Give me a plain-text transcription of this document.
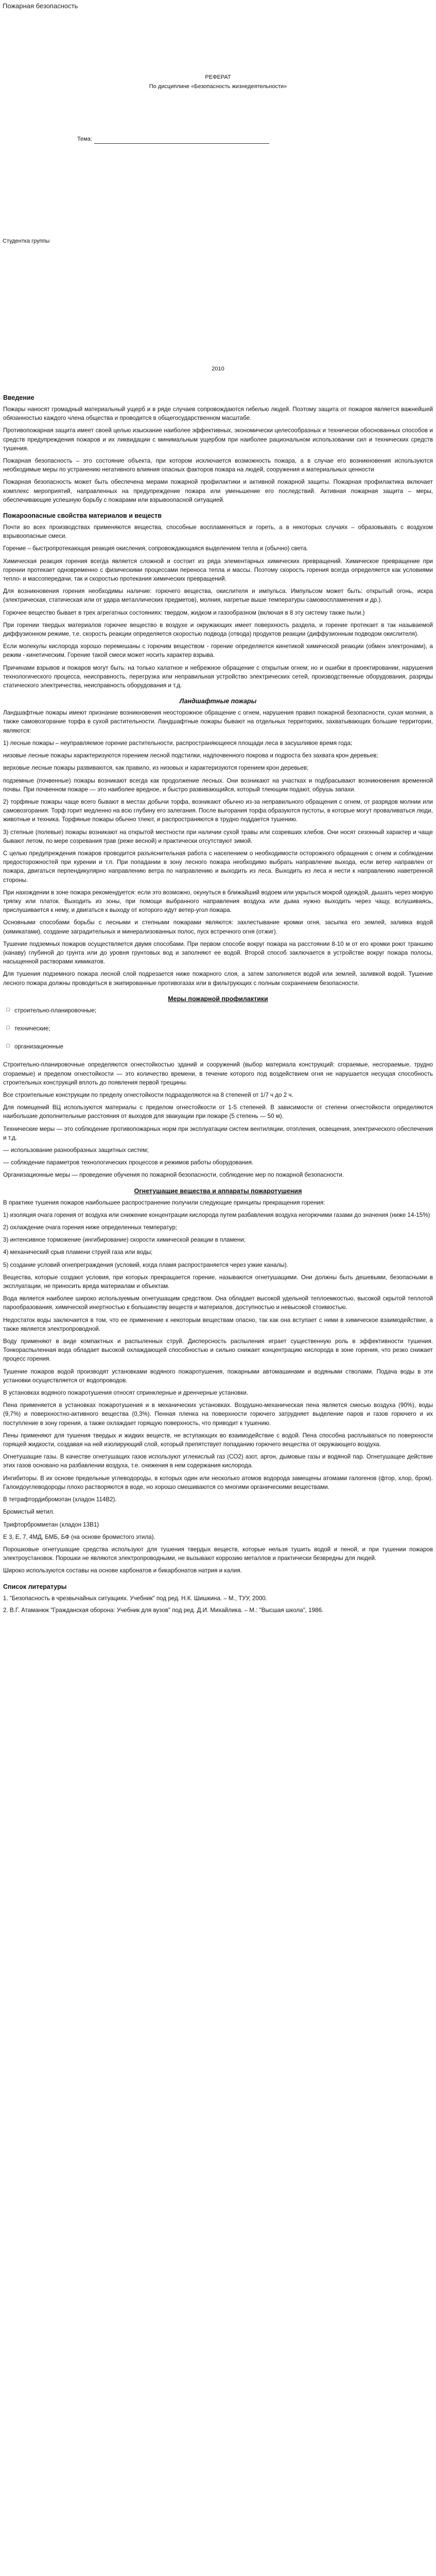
Пожарная безопасность
РЕФЕРАТ
По дисциплине «Безопасность жизнедеятельности»
Тема:
Студентка группы
2010
Введение

Пожары наносят громадный материальный ущерб и в ряде случаев сопровождаются гибелью людей. Поэтому защита от пожаров является важнейшей обязанностью каждого члена общества и проводится в общегосударственном масштабе.

Противопожарная защита имеет своей целью изыскание наиболее эффективных, экономически целесообразных и технически обоснованных способов и средств предупреждения пожаров и их ликвидации с минимальным ущербом при наиболее рациональном использовании сил и технических средств тушения.

Пожарная безопасность – это состояние объекта, при котором исключается возможность пожара, а в случае его возникновения используются необходимые меры по устранению негативного влияния опасных факторов пожара на людей, сооружения и материальных ценности

Пожарная безопасность может быть обеспечена мерами пожарной профилактики и активной пожарной защиты. Пожарная профилактика включает комплекс мероприятий, направленных на предупреждение пожара или уменьшение его последствий. Активная пожарная защита – меры, обеспечивающие успешную борьбу с пожарами или взрывоопасной ситуацией.

Пожароопасные свойства материалов и веществ

Почти во всех производствах применяются вещества, способные воспламеняться и гореть, а в некоторых случаях – образовывать с воздухом взрывоопасные смеси.

Горение – быстропротекающая реакция окисления, сопровождающаяся выделением тепла и (обычно) света.

Химическая реакция горения всегда является сложной и состоит из ряда элементарных химических превращений. Химическое превращение при горении протекает одновременно с физическими процессами переноса тепла и массы. Поэтому скорость горения всегда определяется как условиями тепло- и массопередачи, так и скоростью протекания химических превращений.

Для возникновения горения необходимы наличие: горючего вещества, окислителя и импульса. Импульсом может быть: открытый огонь, искра (электрическая, статическая или от удара металлических предметов), молния, нагретые выше температуры самовоспламенения и др.).

Горючее вещество бывает в трех агрегатных состояниях: твердом, жидком и газообразном (включая в 8 эту систему также пыли.)

При горении твердых материалов горючее вещество в воздухе и окружающих имеет поверхность раздела, и горение протекает в так называемой диффузионном режиме, т.е. скорость реакции определяется скоростью подвода (отвода) продуктов реакции (диффузионным подводом окислителя).

Если молекулы кислорода хорошо перемешаны с горючим веществом - горение определяется кинетикой химической реакции (обмен электронами), а режим - кинетическим. Горение такой смеси может носить характер взрыва.

Причинами взрывов и пожаров могут быть: на только халатное и небрежное обращение с открытым огнем; но и ошибки в проектировании, нарушения технологического процесса, неисправность, перегрузка или неправильная устройство электрических сетей, производственные оборудования, разряды статического электричества, неисправность оборудования и т.д.

Ландшафтные пожары

Ландшафтные пожары имеют признание возникновения неосторожное обращение с огнем, нарушения правил пожарной безопасности, сухая молния, а также самовозгорание торфа в сухой растительности. Ландшафтные пожары бывают на отдельных территориях, захватывающих большие территории, являются:

1) лесные пожары – неуправляемое горение растительности, распространяющееся площади леса в засушливое время года;

низовые лесные пожары характеризуются горением лесной подстилки, надпочвенного покрова и подроста без захвата крон деревьев;

верховые лесные пожары развиваются, как правило, из низовых и характеризуются горением крон деревьев;

подземные (почвенные) пожары возникают всегда как продолжение лесных. Они возникают на участках и подбрасывают возникновения временной почвы. При почвенном пожаре — это наиболее вредное, и быстро развивающийся, который тлеющим подают, обрушь запахи.

2) торфяные пожары чаще всего бывают в местах добычи торфа, возникают обычно из-за неправильного обращения с огнем, от разрядов молнии или самовозгорания. Торф горит медленно на всю глубину его залегания. После выгорания торфа образуются пустоты, в которые могут проваливаться люди, животные и техника. Торфяные пожары обычно тлеют, и распространяются в трудно поддается тушению.

3) степные (полевые) пожары возникают на открытой местности при наличии сухой травы или созревших хлебов. Они носят сезонный характер и чаще бывают летом, по мере созревания трав (реже весной) и практически отсутствуют зимой.

С целью предупреждения пожаров проводится разъяснительная работа с населением о необходимости осторожного обращения с огнем и соблюдении предосторожностей при курении и т.п. При попадании в зону лесного пожара необходимо выбрать направление выхода, если ветер направлен от пожара, двигаться перпендикулярно направлению ветра по направлению и выходить из леса. Выходить из леса и нести к направлению наветренной стороны.

При нахождении в зоне пожара рекомендуется: если это возможно, окунуться в ближайший водоем или укрыться мокрой одеждой, дышать через мокрую тряпку или платок. Выходить из зоны, при помощи выбранного направления воздуха или дыма нужно выходить через чащу, вслушиваясь, прислушивается к нему, и двигаться к выходу от которого идут ветер-угол пожара.

Основными способами борьбы с лесными и степными пожарами являются: захлестывание кромки огня, засыпка его землей, заливка водой (химикатами), создание заградительных и минерализованных полос, пуск встречного огня (отжиг).

Тушение подземных пожаров осуществляется двумя способами. При первом способе вокруг пожара на расстоянии 8-10 м от его кромки роют траншею (канаву) глубиной до грунта или до уровня грунтовых вод и заполняют ее водой. Второй способ заключается в устройстве вокруг пожара полосы, насыщенной растворами химикатов.

Для тушения подземного пожара лесной слой подрезается ниже пожарного слоя, а затем заполняется водой или землей, заливкой водой. Тушение лесного пожара должны проводиться в экипированные противогазах или в фильтрующих с полным сохранением безопасности.

Меры пожарной профилактики
□ строительно-планировочные;
□ технические;
□ организационные

Строительно-планировочные определяются огнестойкостью зданий и сооружений (выбор материала конструкций: сгораемые, несгораемые, трудно сгораемые) и пределом огнестойкости — это количество времени, в течение которого под воздействием огня не нарушается несущая способность строительных конструкций вплоть до появления первой трещины.

Все строительные конструкции по пределу огнестойкости подразделяются на 8 степеней от 1/7 ч до 2 ч.

Для помещений ВЦ используются материалы с пределом огнестойкости от 1-5 степеней. В зависимости от степени огнестойкости определяются наибольшие дополнительные расстояния от выходов для эвакуации при пожаре (5 степень — 50 м).

Технические меры — это соблюдение противопожарных норм при эксплуатации систем вентиляции, отопления, освещения, электрического обеспечения и т.д.

— использование разнообразных защитных систем;

— соблюдение параметров технологических процессов и режимов работы оборудования.

Организационные меры — проведение обучения по пожарной безопасности, соблюдение мер по пожарной безопасности.

Огнетушащие вещества и аппараты пожаротушения

В практике тушения пожаров наибольшее распространение получили следующие принципы прекращения горения:

1) изоляция очага горения от воздуха или снижение концентрации кислорода путем разбавления воздуха негорючими газами до значения (ниже 14-15%)

2) охлаждение очага горения ниже определенных температур;

3) интенсивное торможение (ингибирование) скорости химической реакции в пламени;

4) механический срыв пламени струей газа или воды;

5) создание условий огнепреграждения (условий, когда пламя распространяется через узкие каналы).

Вещества, которые создают условия, при которых прекращается горение, называются огнетушащими. Они должны быть дешевыми, безопасными в эксплуатации, не приносить вреда материалам и объектам.

Вода является наиболее широко используемым огнетушащим средством. Она обладает высокой удельной теплоемкостью, высокой скрытой теплотой парообразования, химической инертностью к большинству веществ и материалов, доступностью и невысокой стоимостью.

Недостаток воды заключается в том, что ее применение к некоторым веществам опасно, так как она вступает с ними в химическое взаимодействие, а также является электропроводной.

Воду применяют в виде компактных и распыленных струй. Дисперсность распыления играет существенную роль в эффективности тушения. Тонкораспыленная вода обладает высокой охлаждающей способностью и сильно снижает концентрацию кислорода в зоне горения, что резко снижает процесс горения.

Тушение пожаров водой производят установками водяного пожаротушения, пожарными автомашинами и водяными стволами. Подача воды в эти установки осуществляется от водопроводов.

В установках водяного пожаротушения относят спринклерные и дренчерные установки.

Пена применяется в установках пожаротушения и в механических установках. Воздушно-механическая пена является смесью воздуха (90%), воды (9,7%) и поверхностно-активного вещества (0,3%). Пенная пленка на поверхности горючего затрудняет выделение паров и газов горючего и их поступление в зону горения, а также охлаждает горящую поверхность, что приводит к тушению.

Пены применяют для тушения твердых и жидких веществ, не вступающих во взаимодействие с водой. Пена способна расплываться по поверхности горящей жидкости, создавая на ней изолирующий слой, который препятствует попаданию горючего вещества от окружающего воздуха.

Огнетушащие газы. В качестве огнетушащих газов используют углекислый газ (CO2) азот, аргон, дымовые газы и водяной пар. Огнетушащее действие этих газов основано на разбавлении воздуха, т.е. снижения в нем содержания кислорода.

Ингибиторы. В их основе предельные углеводороды, в которых один или несколько атомов водорода замещены атомами галогенов (фтор, хлор, бром). Галоидоуглеводороды плохо растворяются в воде, но хорошо смешиваются со многими органическими веществами.

В тетрафтордибромэтан (хладон 114В2).

Бромистый метил.

Трифторбромметан (хладон 13В1)

Е 3, Е, 7, 4МД, БМБ, БФ (на основе бромистого этила).

Порошковые огнетушащие средства используют для тушения твердых веществ, которые нельзя тушить водой и пеной, и при тушении пожаров электроустановок. Порошки не являются электропроводными, не вызывают коррозию металлов и практически безвредны для людей.

Широко используются составы на основе карбонатов и бикарбонатов натрия и калия.

Список литературы

1. "Безопасность в чрезвычайных ситуациях. Учебник" под ред. Н.К. Шишкина. – М., ТУУ, 2000.

2. В.Г. Атаманюк "Гражданская оборона: Учебник для вузов" под ред. Д.И. Михайлика. – М.: "Высшая школа", 1986.
